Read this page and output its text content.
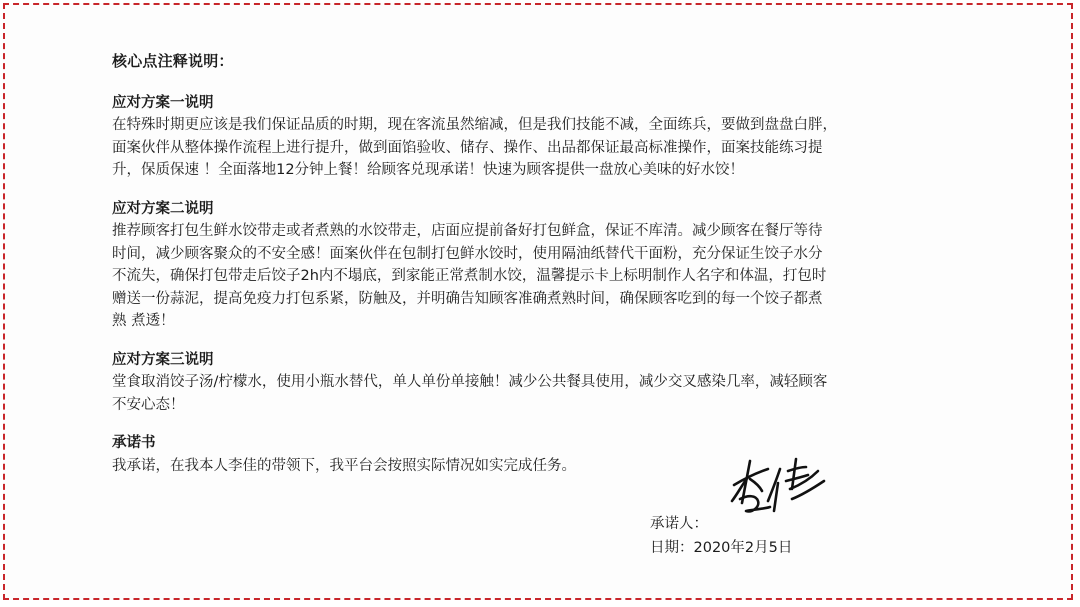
核心点注释说明：
应对方案一说明
在特殊时期更应该是我们保证品质的时期，现在客流虽然缩减，但是我们技能不减，全面练兵，要做到盘盘白胖，
面案伙伴从整体操作流程上进行提升，做到面馅验收、储存、操作、出品都保证最高标准操作，面案技能练习提
升，保质保速 ！全面落地12分钟上餐！给顾客兑现承诺！快速为顾客提供一盘放心美味的好水饺！
应对方案二说明
推荐顾客打包生鲜水饺带走或者煮熟的水饺带走，店面应提前备好打包鲜盒，保证不库清。减少顾客在餐厅等待
时间，减少顾客聚众的不安全感！面案伙伴在包制打包鲜水饺时，使用隔油纸替代干面粉，充分保证生饺子水分
不流失，确保打包带走后饺子2h内不塌底，到家能正常煮制水饺，温馨提示卡上标明制作人名字和体温，打包时
赠送一份蒜泥，提高免疫力打包系紧，防触及，并明确告知顾客准确煮熟时间，确保顾客吃到的每一个饺子都煮
熟 煮透！
应对方案三说明
堂食取消饺子汤/柠檬水，使用小瓶水替代，单人单份单接触！减少公共餐具使用，减少交叉感染几率，减轻顾客
不安心态！
承诺书
我承诺，在我本人李佳的带领下，我平台会按照实际情况如实完成任务。
承诺人：
日期：2020年2月5日
